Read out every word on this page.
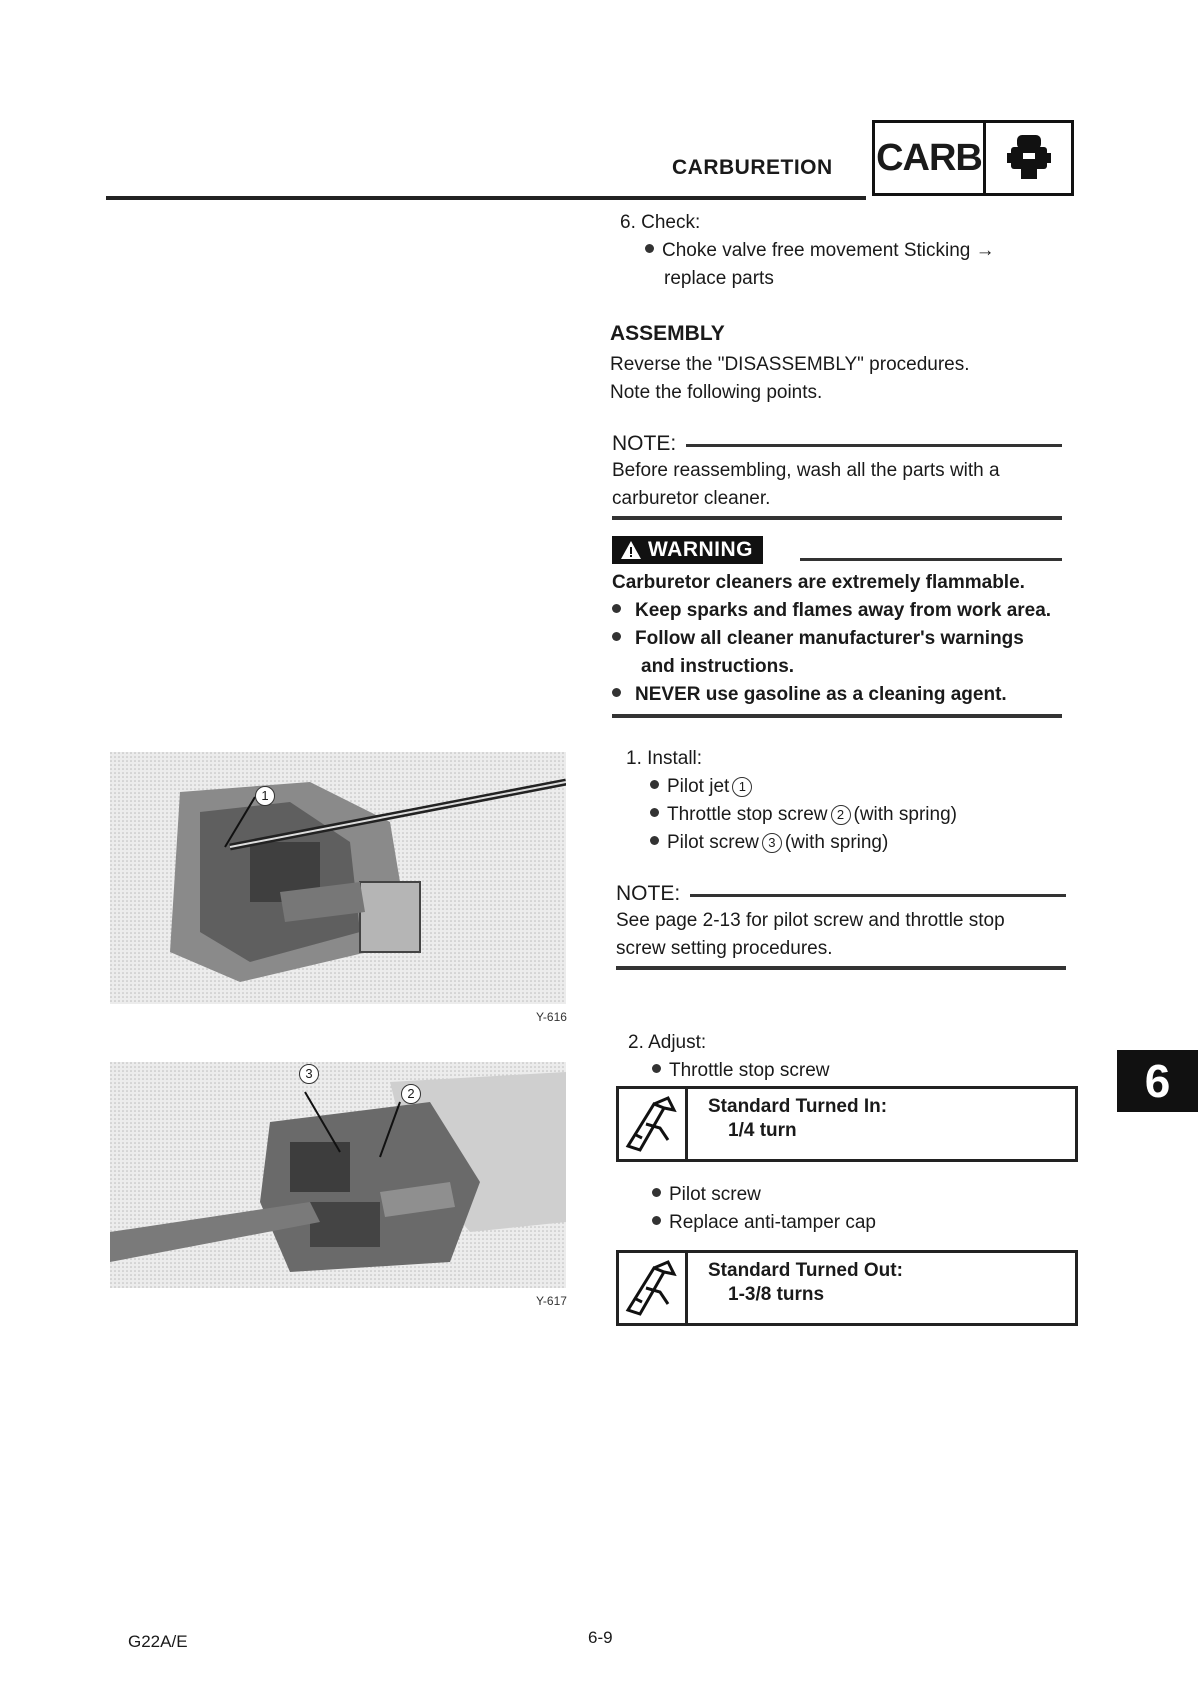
CARBURETION CARB
6. Check:
Choke valve free movement Sticking →
replace parts
ASSEMBLY
Reverse the "DISASSEMBLY" procedures.
Note the following points.
NOTE:
Before reassembling, wash all the parts with a
carburetor cleaner.
WARNING
Carburetor cleaners are extremely flammable.
Keep sparks and flames away from work area.
Follow all cleaner manufacturer's warnings
and instructions.
NEVER use gasoline as a cleaning agent.
1. Install:
Pilot jet 1
Throttle stop screw 2 (with spring)
Pilot screw 3 (with spring)
NOTE:
See page 2-13 for pilot screw and throttle stop
screw setting procedures.
2. Adjust:
Throttle stop screw
Standard Turned In:
1/4 turn
Pilot screw
Replace anti-tamper cap
Standard Turned Out:
1-3/8 turns
1
Y-616
3
2
Y-617
6
G22A/E	6-9
